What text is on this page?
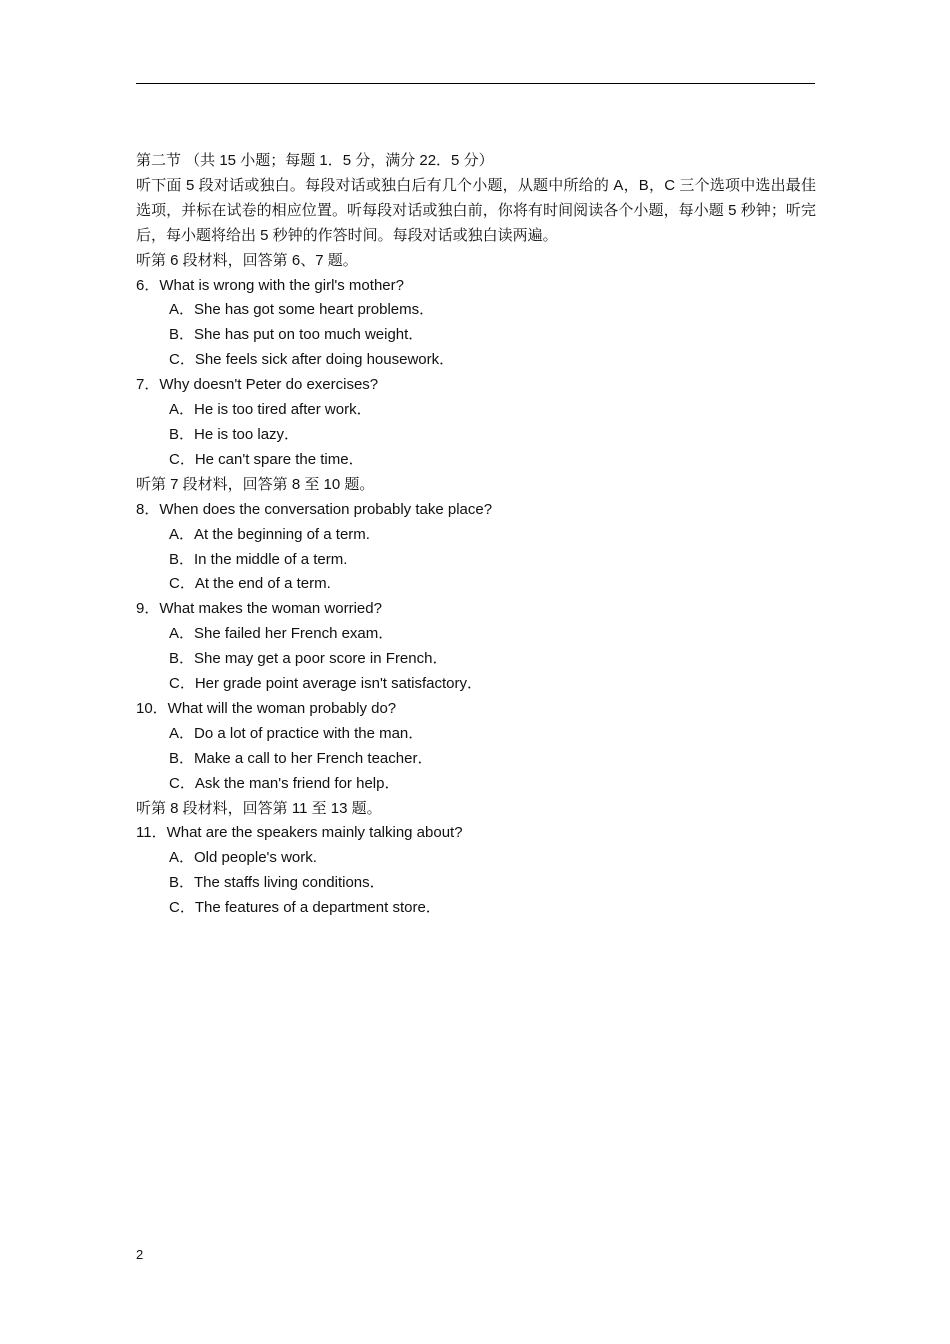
第二节 （共 15 小题；每题 1．5 分，满分 22．5 分）
听下面 5 段对话或独白。每段对话或独白后有几个小题，从题中所给的 A，B，C 三个选项中选出最佳选项，并标在试卷的相应位置。听每段对话或独白前，你将有时间阅读各个小题，每小题 5 秒钟；听完后，每小题将给出 5 秒钟的作答时间。每段对话或独白读两遍。
听第 6 段材料，回答第 6、7 题。
6．What is wrong with the girl's mother?
A．She has got some heart problems．
B．She has put on too much weight．
C．She feels sick after doing housework．
7．Why doesn't Peter do exercises?
A．He is too tired after work．
B．He is too lazy．
C．He can't spare the time．
听第 7 段材料，回答第 8 至 10 题。
8．When does the conversation probably take place?
A．At the beginning of a term.
B．In the middle of a term.
C．At the end of a term.
9．What makes the woman worried?
A．She failed her French exam．
B．She may get a poor score in French．
C．Her grade point average isn't satisfactory．
10．What will the woman probably do?
A．Do a lot of practice with the man．
B．Make a call to her French teacher．
C．Ask the man's friend for help．
听第 8 段材料，回答第 11 至 13 题。
11．What are the speakers mainly talking about?
A．Old people's work.
B．The staffs living conditions．
C．The features of a department store．
2
